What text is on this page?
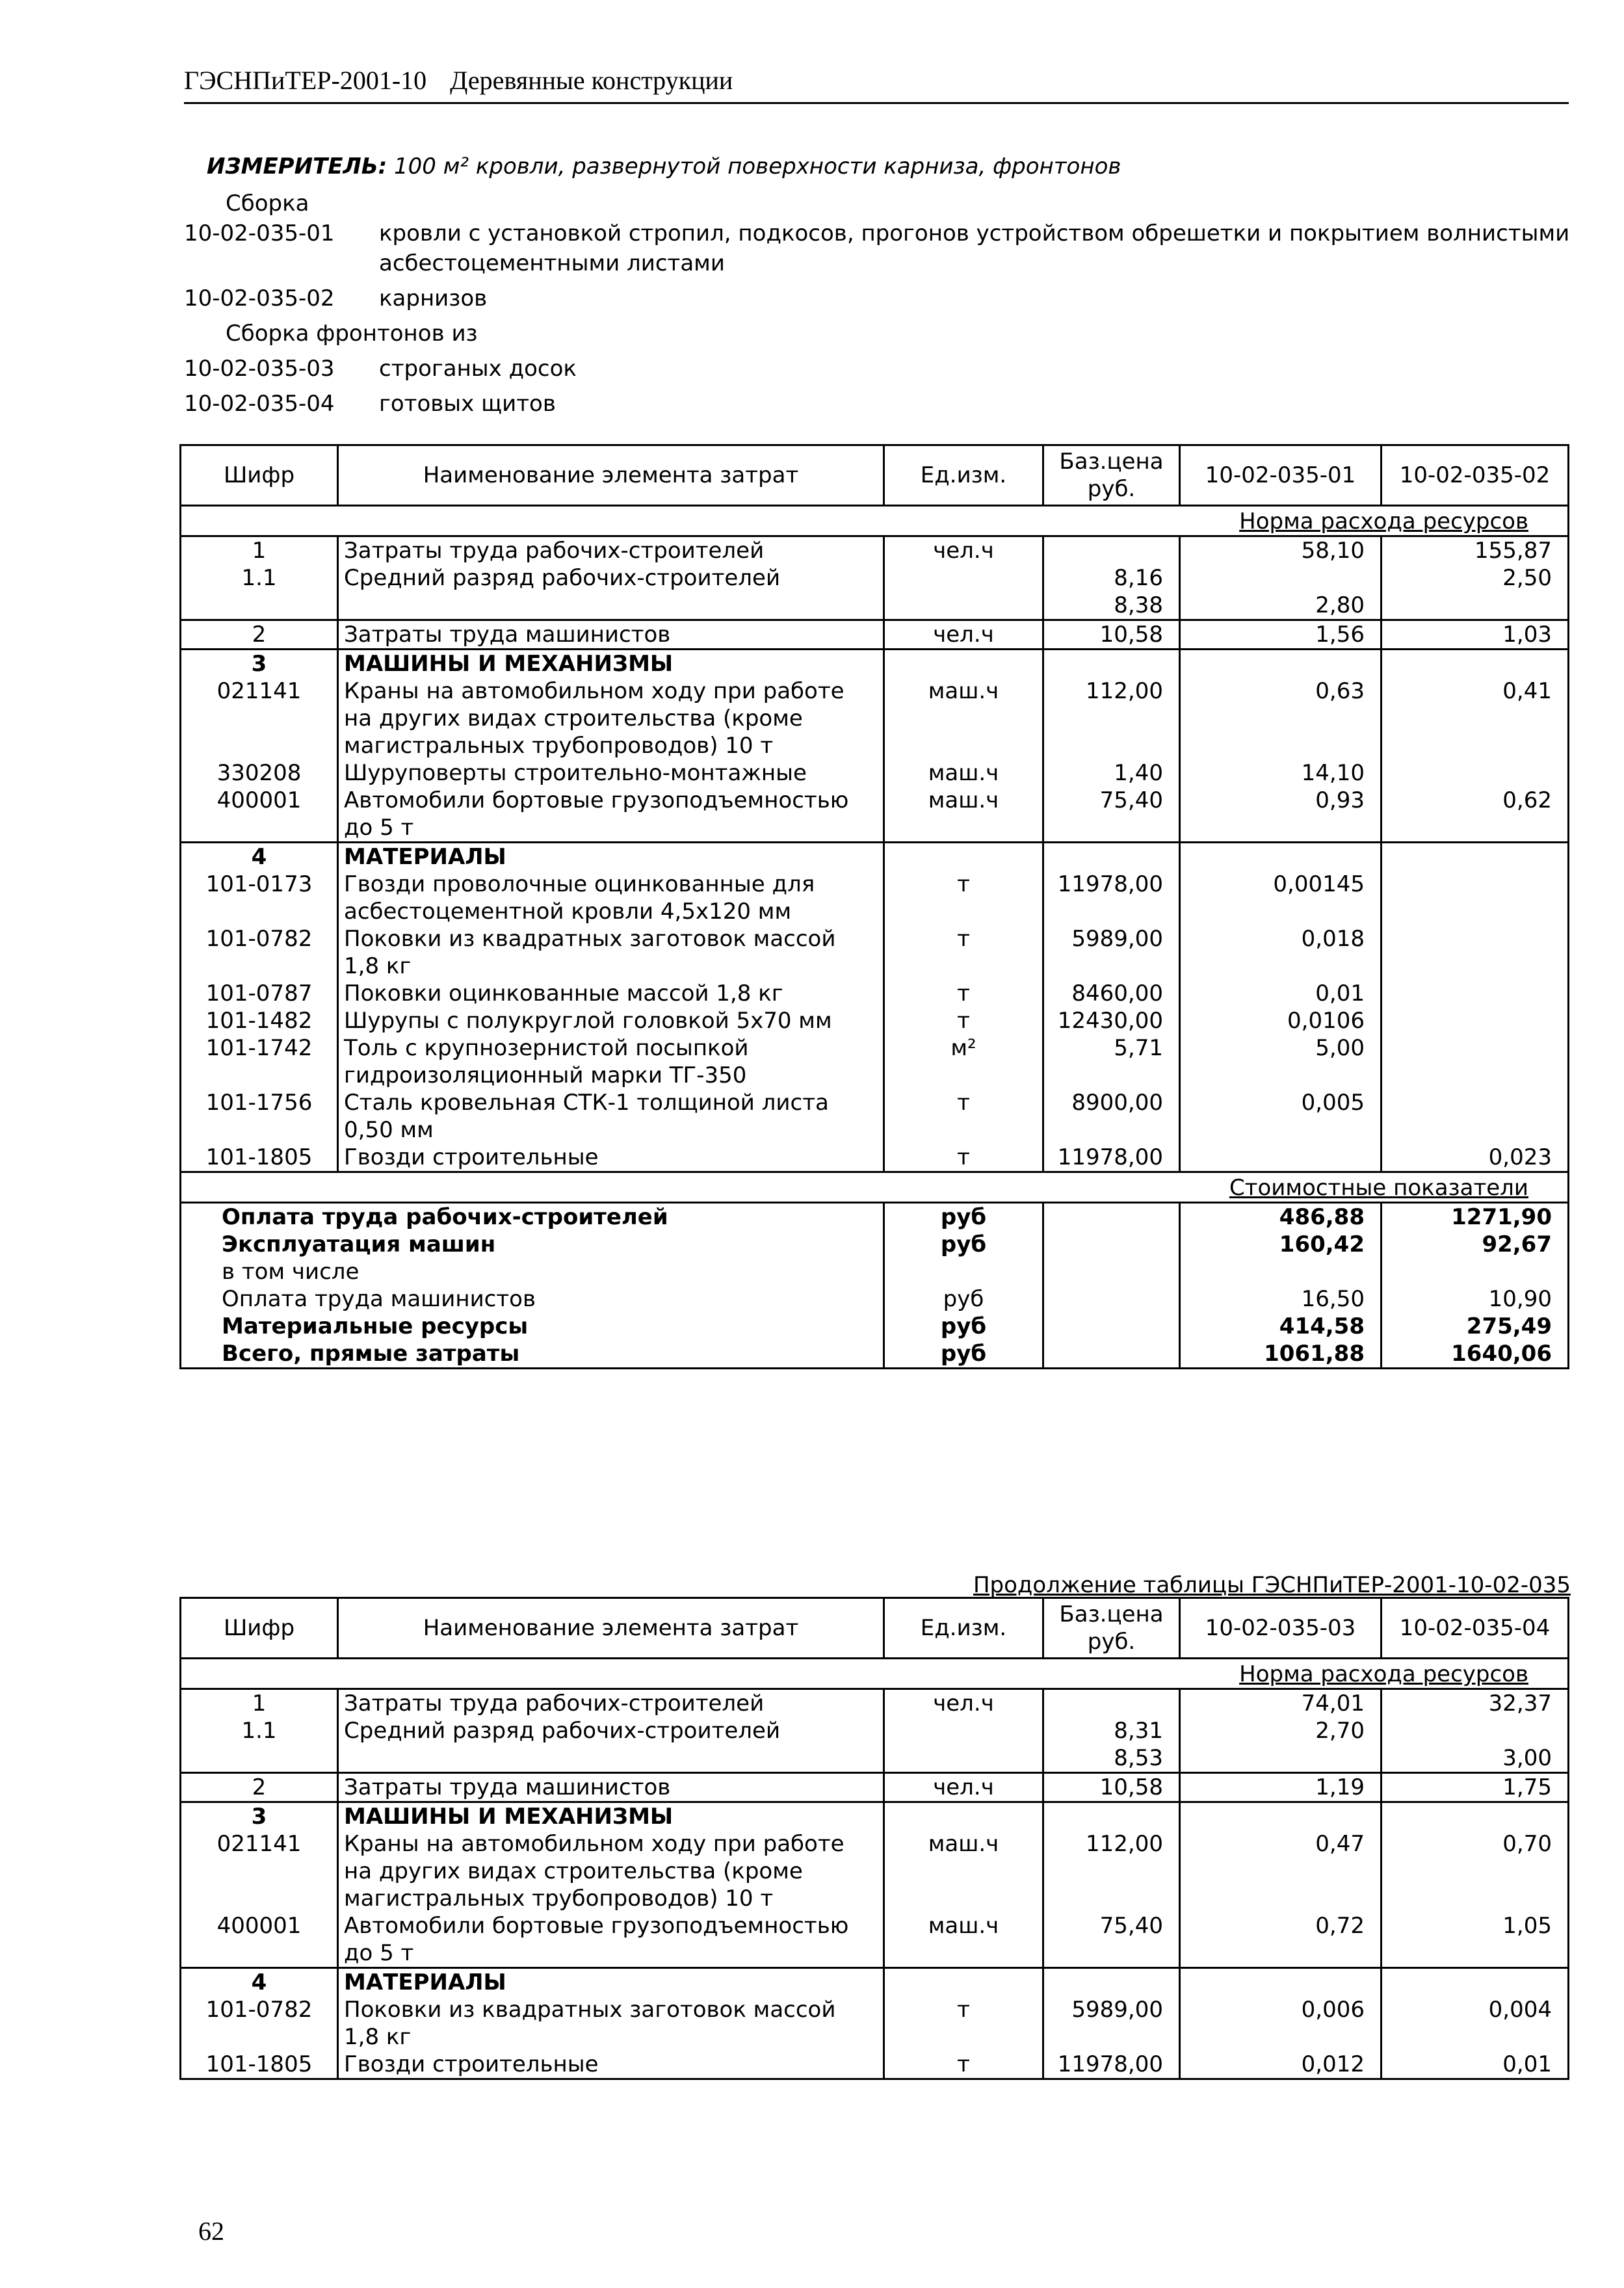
ГЭСНПиТЕР-2001-10 Деревянные конструкции
ИЗМЕРИТЕЛЬ: 100 м² кровли, развернутой поверхности карниза, фронтонов
Сборка
10-02-035-01	кровли с установкой стропил, подкосов, прогонов устройством обрешетки и покрытием волнистыми асбестоцементными листами
10-02-035-02	карнизов
Сборка фронтонов из
10-02-035-03	строганых досок
10-02-035-04	готовых щитов
Шифр	Наименование элемента затрат	Ед.изм.	Баз.цена руб.	10-02-035-01	10-02-035-02
Норма расхода ресурсов					
1	Затраты труда рабочих-строителей	чел.ч		58,10	155,87
1.1	Средний разряд рабочих-строителей		8,16		2,50
			8,38	2,80	
2	Затраты труда машинистов	чел.ч	10,58	1,56	1,03
3	МАШИНЫ И МЕХАНИЗМЫ				
021141	Краны на автомобильном ходу при работе на других видах строительства (кроме магистральных трубопроводов) 10 т	маш.ч	112,00	0,63	0,41
330208	Шуруповерты строительно-монтажные	маш.ч	1,40	14,10	
400001	Автомобили бортовые грузоподъемностью до 5 т	маш.ч	75,40	0,93	0,62
4	МАТЕРИАЛЫ				
101-0173	Гвозди проволочные оцинкованные для асбестоцементной кровли 4,5х120 мм	т	11978,00	0,00145	
101-0782	Поковки из квадратных заготовок массой 1,8 кг	т	5989,00	0,018	
101-0787	Поковки оцинкованные массой 1,8 кг	т	8460,00	0,01	
101-1482	Шурупы с полукруглой головкой 5х70 мм	т	12430,00	0,0106	
101-1742	Толь с крупнозернистой посыпкой гидроизоляционный марки ТГ-350	м²	5,71	5,00	
101-1756	Сталь кровельная СТК-1 толщиной листа 0,50 мм	т	8900,00	0,005	
101-1805	Гвозди строительные	т	11978,00		0,023
Стоимостные показатели					
Оплата труда рабочих-строителей		руб		486,88	1271,90
Эксплуатация машин		руб		160,42	92,67
в том числе					
Оплата труда машинистов		руб		16,50	10,90
Материальные ресурсы		руб		414,58	275,49
Всего, прямые затраты		руб		1061,88	1640,06
Продолжение таблицы ГЭСНПиТЕР-2001-10-02-035
Шифр	Наименование элемента затрат	Ед.изм.	Баз.цена руб.	10-02-035-03	10-02-035-04
Норма расхода ресурсов					
1	Затраты труда рабочих-строителей	чел.ч		74,01	32,37
1.1	Средний разряд рабочих-строителей		8,31	2,70	
			8,53		3,00
2	Затраты труда машинистов	чел.ч	10,58	1,19	1,75
3	МАШИНЫ И МЕХАНИЗМЫ				
021141	Краны на автомобильном ходу при работе на других видах строительства (кроме магистральных трубопроводов) 10 т	маш.ч	112,00	0,47	0,70
400001	Автомобили бортовые грузоподъемностью до 5 т	маш.ч	75,40	0,72	1,05
4	МАТЕРИАЛЫ				
101-0782	Поковки из квадратных заготовок массой 1,8 кг	т	5989,00	0,006	0,004
101-1805	Гвозди строительные	т	11978,00	0,012	0,01
62
